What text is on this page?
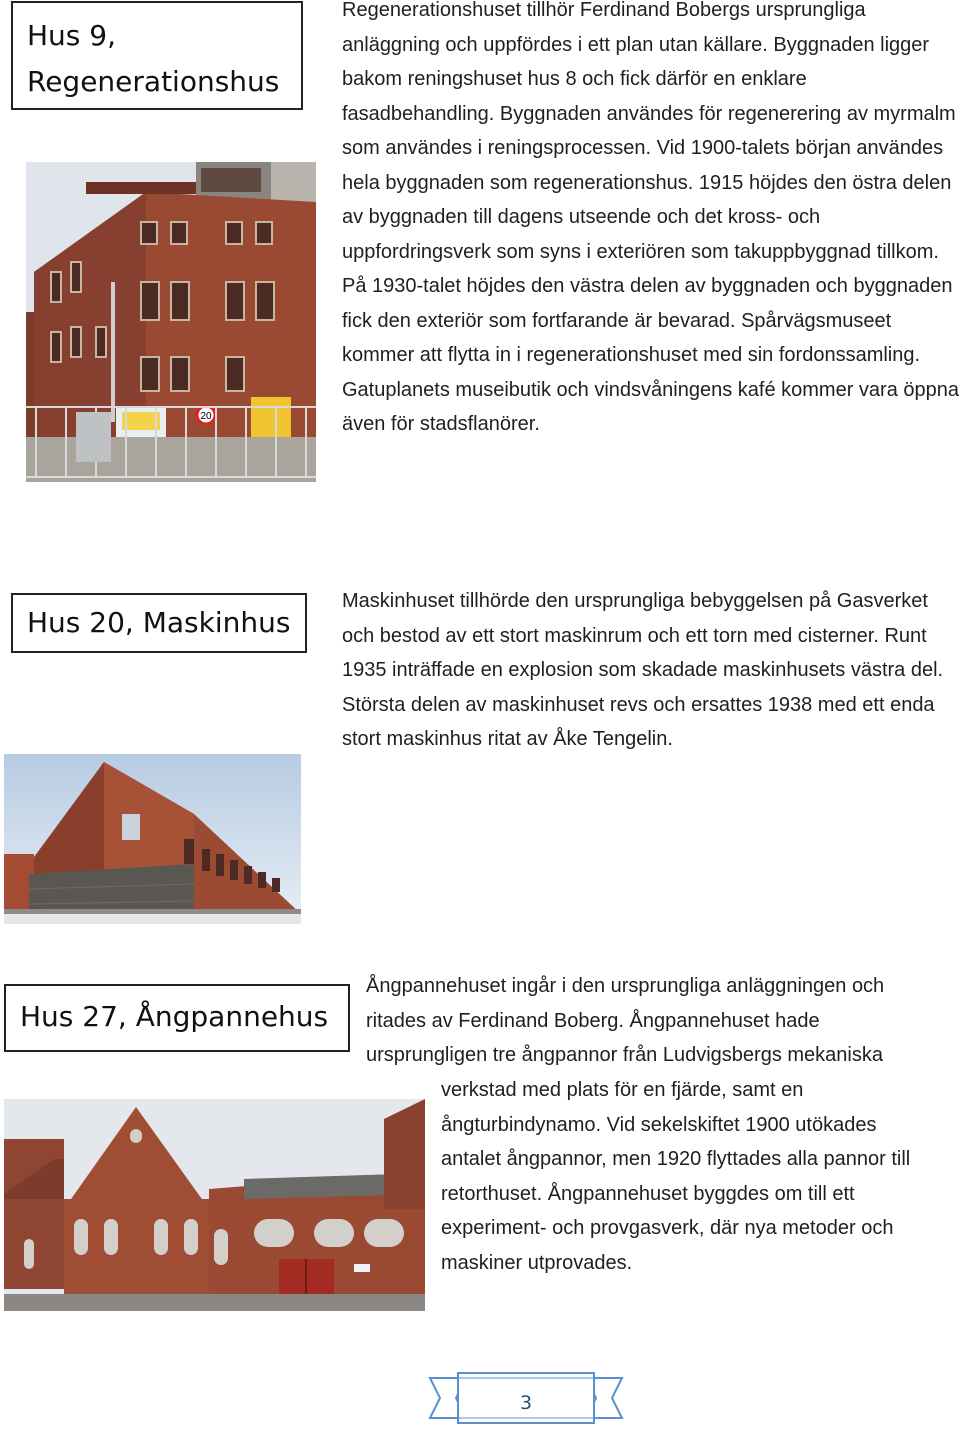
Hus 9,
Regenerationshus

Regenerationshuset tillhör Ferdinand Bobergs ursprungliga anläggning och uppfördes i ett plan utan källare. Byggnaden ligger bakom reningshuset hus 8 och fick därför en enklare fasadbehandling. Byggnaden användes för regenerering av myrmalm som användes i reningsprocessen. Vid 1900-talets början användes hela byggnaden som regenerationshus. 1915 höjdes den östra delen av byggnaden till dagens utseende och det kross- och uppfordringsverk som syns i exteriören som takuppbyggnad tillkom. På 1930-talet höjdes den västra delen av byggnaden och byggnaden fick den exteriör som fortfarande är bevarad. Spårvägsmuseet kommer att flytta in i regenerationshuset med sin fordonssamling. Gatuplanets museibutik och vindsvåningens kafé kommer vara öppna även för stadsflanörer.

20
Hus 20, Maskinhus

Maskinhuset tillhörde den ursprungliga bebyggelsen på Gasverket och bestod av ett stort maskinrum och ett torn med cisterner. Runt 1935 inträffade en explosion som skadade maskinhusets västra del. Största delen av maskinhuset revs och ersattes 1938 med ett enda stort maskinhus ritat av Åke Tengelin.

Hus 27, Ångpannehus
Ångpannehuset ingår i den ursprungliga anläggningen och
ritades av Ferdinand Boberg. Ångpannehuset hade
ursprungligen tre ångpannor från Ludvigsbergs mekaniska
verkstad med plats för en fjärde, samt en
ångturbindynamo. Vid sekelskiftet 1900 utökades
antalet ångpannor, men 1920 flyttades alla pannor till
retorthuset. Ångpannehuset byggdes om till ett
experiment- och provgasverk, där nya metoder och
maskiner utprovades.
3
